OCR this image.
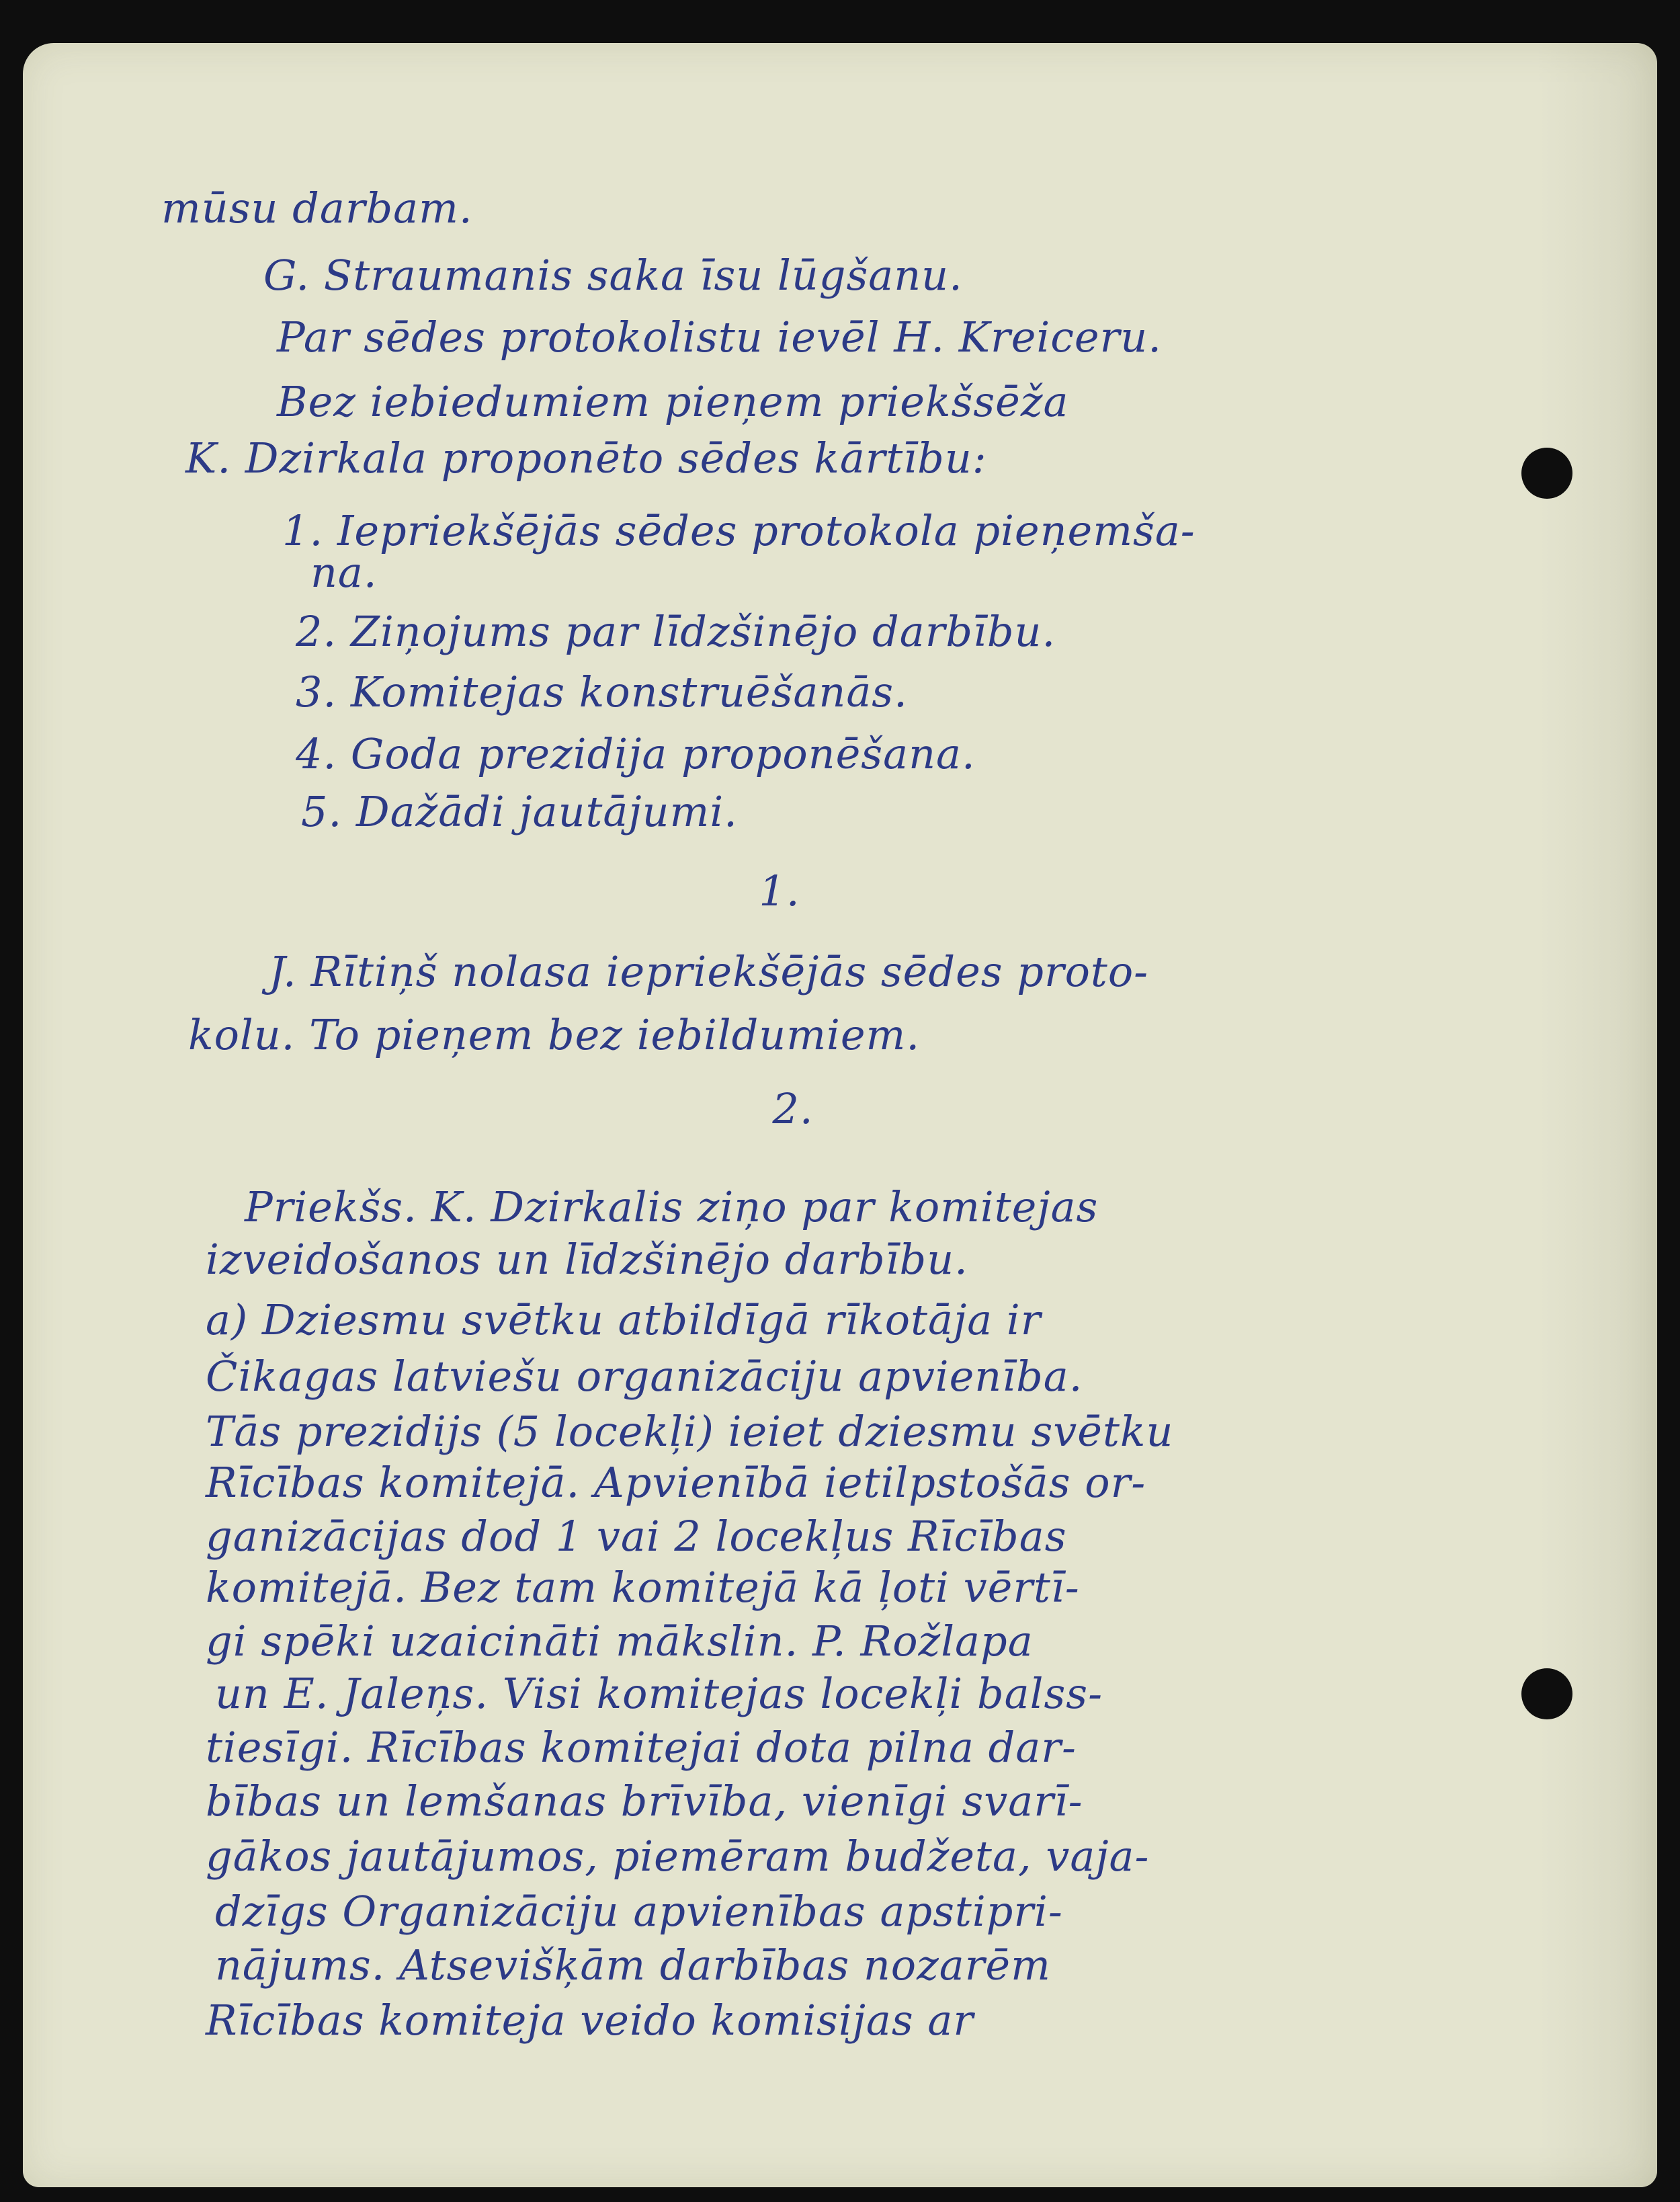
mūsu darbam.
G. Straumanis saka īsu lūgšanu.
Par sēdes protokolistu ievēl H. Kreiceru.
Bez iebiedumiem pieņem priekšsēža
K. Dzirkala proponēto sēdes kārtību:
1. Iepriekšējās sēdes protokola pieņemša-
na.
2. Ziņojums par līdzšinējo darbību.
3. Komitejas konstruēšanās.
4. Goda prezidija proponēšana.
5. Dažādi jautājumi.
1.
J. Rītiņš nolasa iepriekšējās sēdes proto-
kolu. To pieņem bez iebildumiem.
2.
Priekšs. K. Dzirkalis ziņo par komitejas
izveidošanos un līdzšinējo darbību.
a) Dziesmu svētku atbildīgā rīkotāja ir
Čikagas latviešu organizāciju apvienība.
Tās prezidijs (5 locekļi) ieiet dziesmu svētku
Rīcības komitejā. Apvienībā ietilpstošās or-
ganizācijas dod 1 vai 2 locekļus Rīcības
komitejā. Bez tam komitejā kā ļoti vērtī-
gi spēki uzaicināti mākslin. P. Rožlapa
un E. Jaleņs. Visi komitejas locekļi balss-
tiesīgi. Rīcības komitejai dota pilna dar-
bības un lemšanas brīvība, vienīgi svarī-
gākos jautājumos, piemēram budžeta, vaja-
dzīgs Organizāciju apvienības apstipri-
nājums. Atsevišķām darbības nozarēm
Rīcības komiteja veido komisijas ar
